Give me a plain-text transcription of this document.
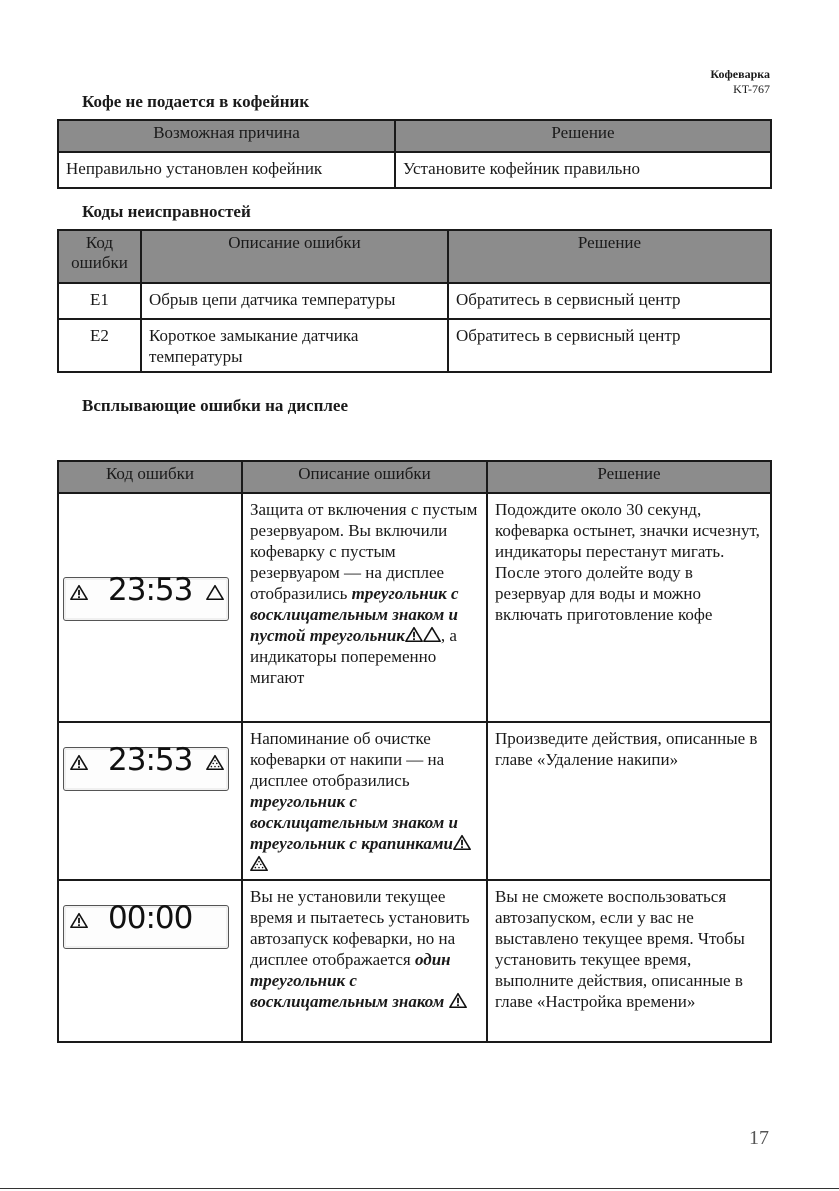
Кофеварка
KT-767
Кофе не подается в кофейник
Возможная причина	Решение
Неправильно установлен кофейник	Установите кофейник правильно
Коды неисправностей
Код ошибки	Описание ошибки	Решение
E1	Обрыв цепи датчика температуры	Обратитесь в сервисный центр
E2	Короткое замыкание датчика температуры	Обратитесь в сервисный центр
Всплывающие ошибки на дисплее
Код ошибки	Описание ошибки	Решение

23:53	Защита от включения с пустым резервуаром. Вы включили кофеварку с пустым резервуаром — на дисплее отобразились треугольник с восклицательным знаком и пустой треугольник , а индикаторы попеременно мигают	Подождите около 30 секунд, кофеварка остынет, значки исчезнут, индикаторы перестанут мигать. После этого долейте воду в резервуар для воды и можно включать приготовление кофе

23:53	Напоминание об очистке кофеварки от накипи — на дисплее отобразились треугольник с восклицательным знаком и треугольник с крапинками	Произведите действия, описанные в главе «Удаление накипи»

00:00	Вы не установили текущее время и пытаетесь установить автозапуск кофеварки, но на дисплее отображается один треугольник с восклицательным знаком	Вы не сможете воспользоваться автозапуском, если у вас не выставлено текущее время. Чтобы установить текущее время, выполните действия, описанные в главе «Настройка времени»
17
